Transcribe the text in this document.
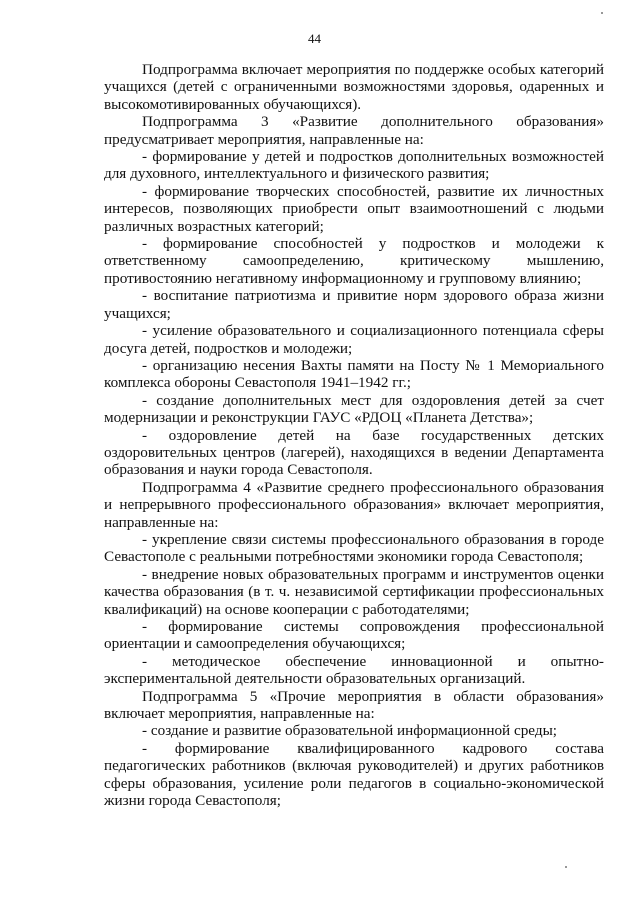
44

Подпрограмма включает мероприятия по поддержке особых категорий учащихся (детей с ограниченными возможностями здоровья, одаренных и высокомотивированных обучающихся).

Подпрограмма 3 «Развитие дополнительного образования» предусматривает мероприятия, направленные на:

- формирование у детей и подростков дополнительных возможностей для духовного, интеллектуального и физического развития;

- формирование творческих способностей, развитие их личностных интересов, позволяющих приобрести опыт взаимоотношений с людьми различных возрастных категорий;

- формирование способностей у подростков и молодежи к ответственному самоопределению, критическому мышлению, противостоянию негативному информационному и групповому влиянию;

- воспитание патриотизма и привитие норм здорового образа жизни учащихся;

- усиление образовательного и социализационного потенциала сферы досуга детей, подростков и молодежи;

- организацию несения Вахты памяти на Посту № 1 Мемориального комплекса обороны Севастополя 1941–1942 гг.;

- создание дополнительных мест для оздоровления детей за счет модернизации и реконструкции ГАУС «РДОЦ «Планета Детства»;

- оздоровление детей на базе государственных детских оздоровительных центров (лагерей), находящихся в ведении Департамента образования и науки города Севастополя.

Подпрограмма 4 «Развитие среднего профессионального образования и непрерывного профессионального образования» включает мероприятия, направленные на:

- укрепление связи системы профессионального образования в городе Севастополе с реальными потребностями экономики города Севастополя;

- внедрение новых образовательных программ и инструментов оценки качества образования (в т. ч. независимой сертификации профессиональных квалификаций) на основе кооперации с работодателями;

- формирование системы сопровождения профессиональной ориентации и самоопределения обучающихся;

- методическое обеспечение инновационной и опытно-экспериментальной деятельности образовательных организаций.

Подпрограмма 5 «Прочие мероприятия в области образования» включает мероприятия, направленные на:

- создание и развитие образовательной информационной среды;

- формирование квалифицированного кадрового состава педагогических работников (включая руководителей) и других работников сферы образования, усиление роли педагогов в социально-экономической жизни города Севастополя;
